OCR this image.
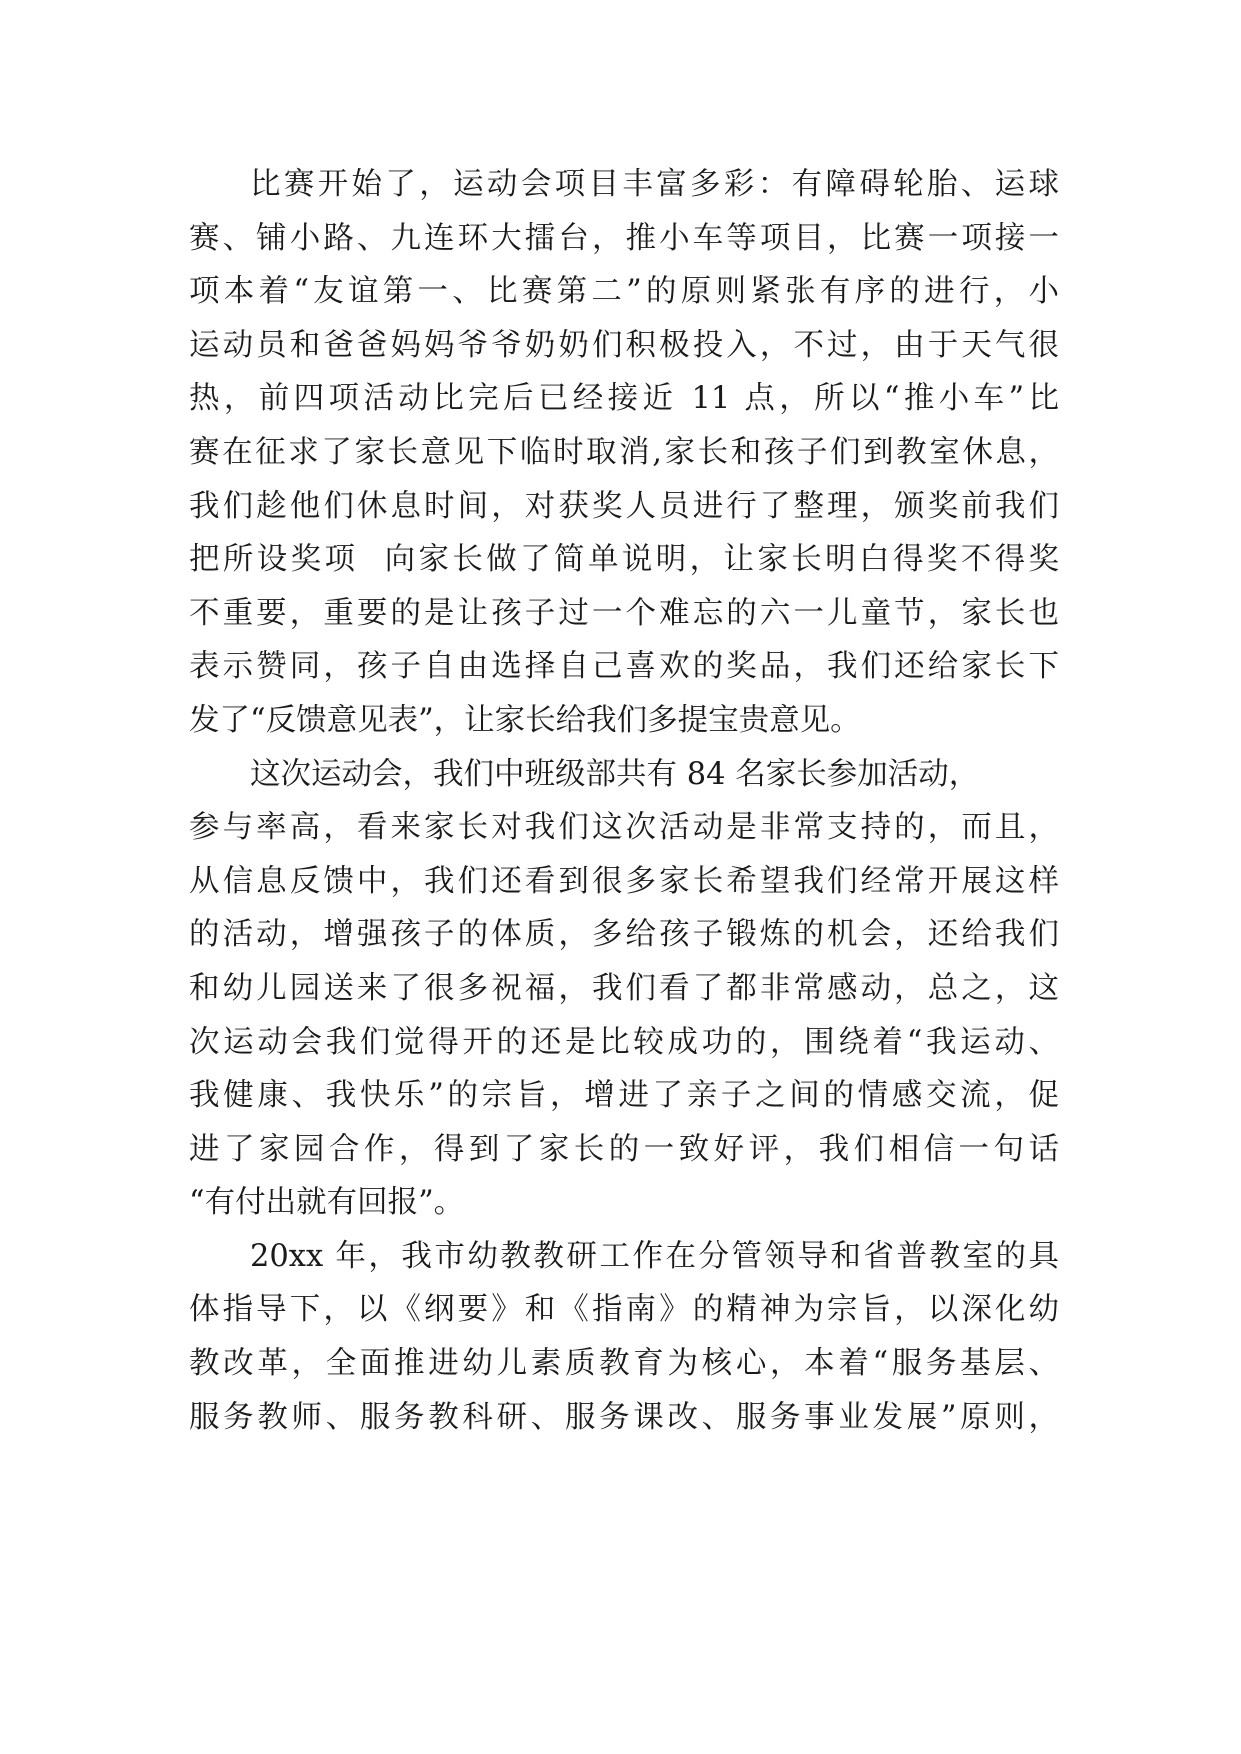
比赛开始了，运动会项目丰富多彩：有障碍轮胎、运球
赛、铺小路、九连环大擂台，推小车等项目，比赛一项接一
项本着“友谊第一、比赛第二”的原则紧张有序的进行，小
运动员和爸爸妈妈爷爷奶奶们积极投入，不过，由于天气很
热，前四项活动比完后已经接近 11 点，所以“推小车”比
赛在征求了家长意见下临时取消,家长和孩子们到教室休息，
我们趁他们休息时间，对获奖人员进行了整理，颁奖前我们
把所设奖项  向家长做了简单说明，让家长明白得奖不得奖
不重要，重要的是让孩子过一个难忘的六一儿童节，家长也
表示赞同，孩子自由选择自己喜欢的奖品，我们还给家长下
发了“反馈意见表”，让家长给我们多提宝贵意见。
这次运动会，我们中班级部共有 84 名家长参加活动，
参与率高，看来家长对我们这次活动是非常支持的，而且，
从信息反馈中，我们还看到很多家长希望我们经常开展这样
的活动，增强孩子的体质，多给孩子锻炼的机会，还给我们
和幼儿园送来了很多祝福，我们看了都非常感动，总之，这
次运动会我们觉得开的还是比较成功的，围绕着“我运动、
我健康、我快乐”的宗旨，增进了亲子之间的情感交流，促
进了家园合作，得到了家长的一致好评，我们相信一句话
“有付出就有回报”。
20xx 年，我市幼教教研工作在分管领导和省普教室的具
体指导下，以《纲要》和《指南》的精神为宗旨，以深化幼
教改革，全面推进幼儿素质教育为核心，本着“服务基层、
服务教师、服务教科研、服务课改、服务事业发展”原则，
